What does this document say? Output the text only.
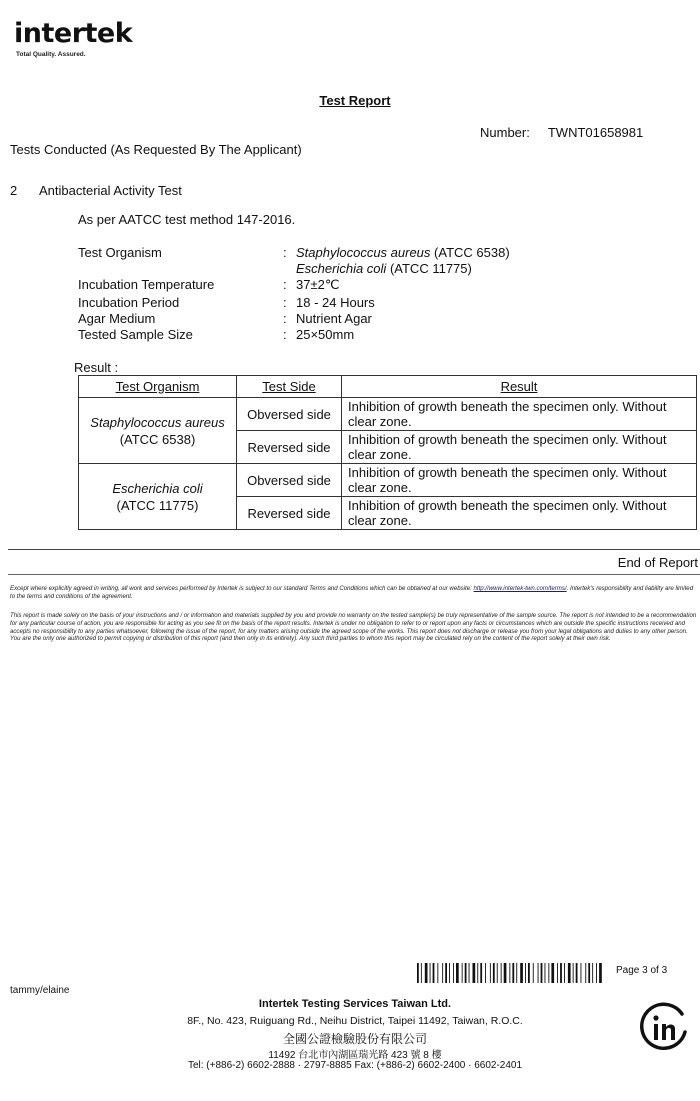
intertek
Total Quality. Assured.
Test Report
Number: TWNT01658981
Tests Conducted (As Requested By The Applicant)
2 Antibacterial Activity Test
As per AATCC test method 147-2016.
Test Organism	: Staphylococcus aureus (ATCC 6538)
Escherichia coli (ATCC 11775)
Incubation Temperature	: 37±2℃
Incubation Period	: 18 - 24 Hours
Agar Medium	: Nutrient Agar
Tested Sample Size	: 25×50mm
Result :
Test Organism	Test Side	Result
Staphylococcus aureus
(ATCC 6538)	Obversed side	Inhibition of growth beneath the specimen only. Without clear zone.
	Reversed side	Inhibition of growth beneath the specimen only. Without clear zone.
Escherichia coli
(ATCC 11775)	Obversed side	Inhibition of growth beneath the specimen only. Without clear zone.
	Reversed side	Inhibition of growth beneath the specimen only. Without clear zone.
End of Report
Except where explicitly agreed in writing, all work and services performed by Intertek is subject to our standard Terms and Conditions which can be obtained at our website: http://www.intertek-twn.com/terms/. Intertek's responsibility and liability are limited to the terms and conditions of the agreement.
This report is made solely on the basis of your instructions and / or information and materials supplied by you and provide no warranty on the tested sample(s) be truly representative of the sample source. The report is not intended to be a recommendation for any particular course of action, you are responsible for acting as you see fit on the basis of the report results. Intertek is under no obligation to refer to or report upon any facts or circumstances which are outside the specific instructions received and accepts no responsibility to any parties whatsoever, following the issue of the report, for any matters arising outside the agreed scope of the works. This report does not discharge or release you from your legal obligations and duties to any other person. You are the only one authorized to permit copying or distribution of this report (and then only in its entirety). Any such third parties to whom this report may be circulated rely on the content of the report solely at their own risk.
Page 3 of 3
tammy/elaine
Intertek Testing Services Taiwan Ltd.
8F., No. 423, Ruiguang Rd., Neihu District, Taipei 11492, Taiwan, R.O.C.
全國公證檢驗股份有限公司
11492 台北市內湖區瑞光路 423 號 8 樓
Tel: (+886-2) 6602-2888 · 2797-8885 Fax: (+886-2) 6602-2400 · 6602-2401
